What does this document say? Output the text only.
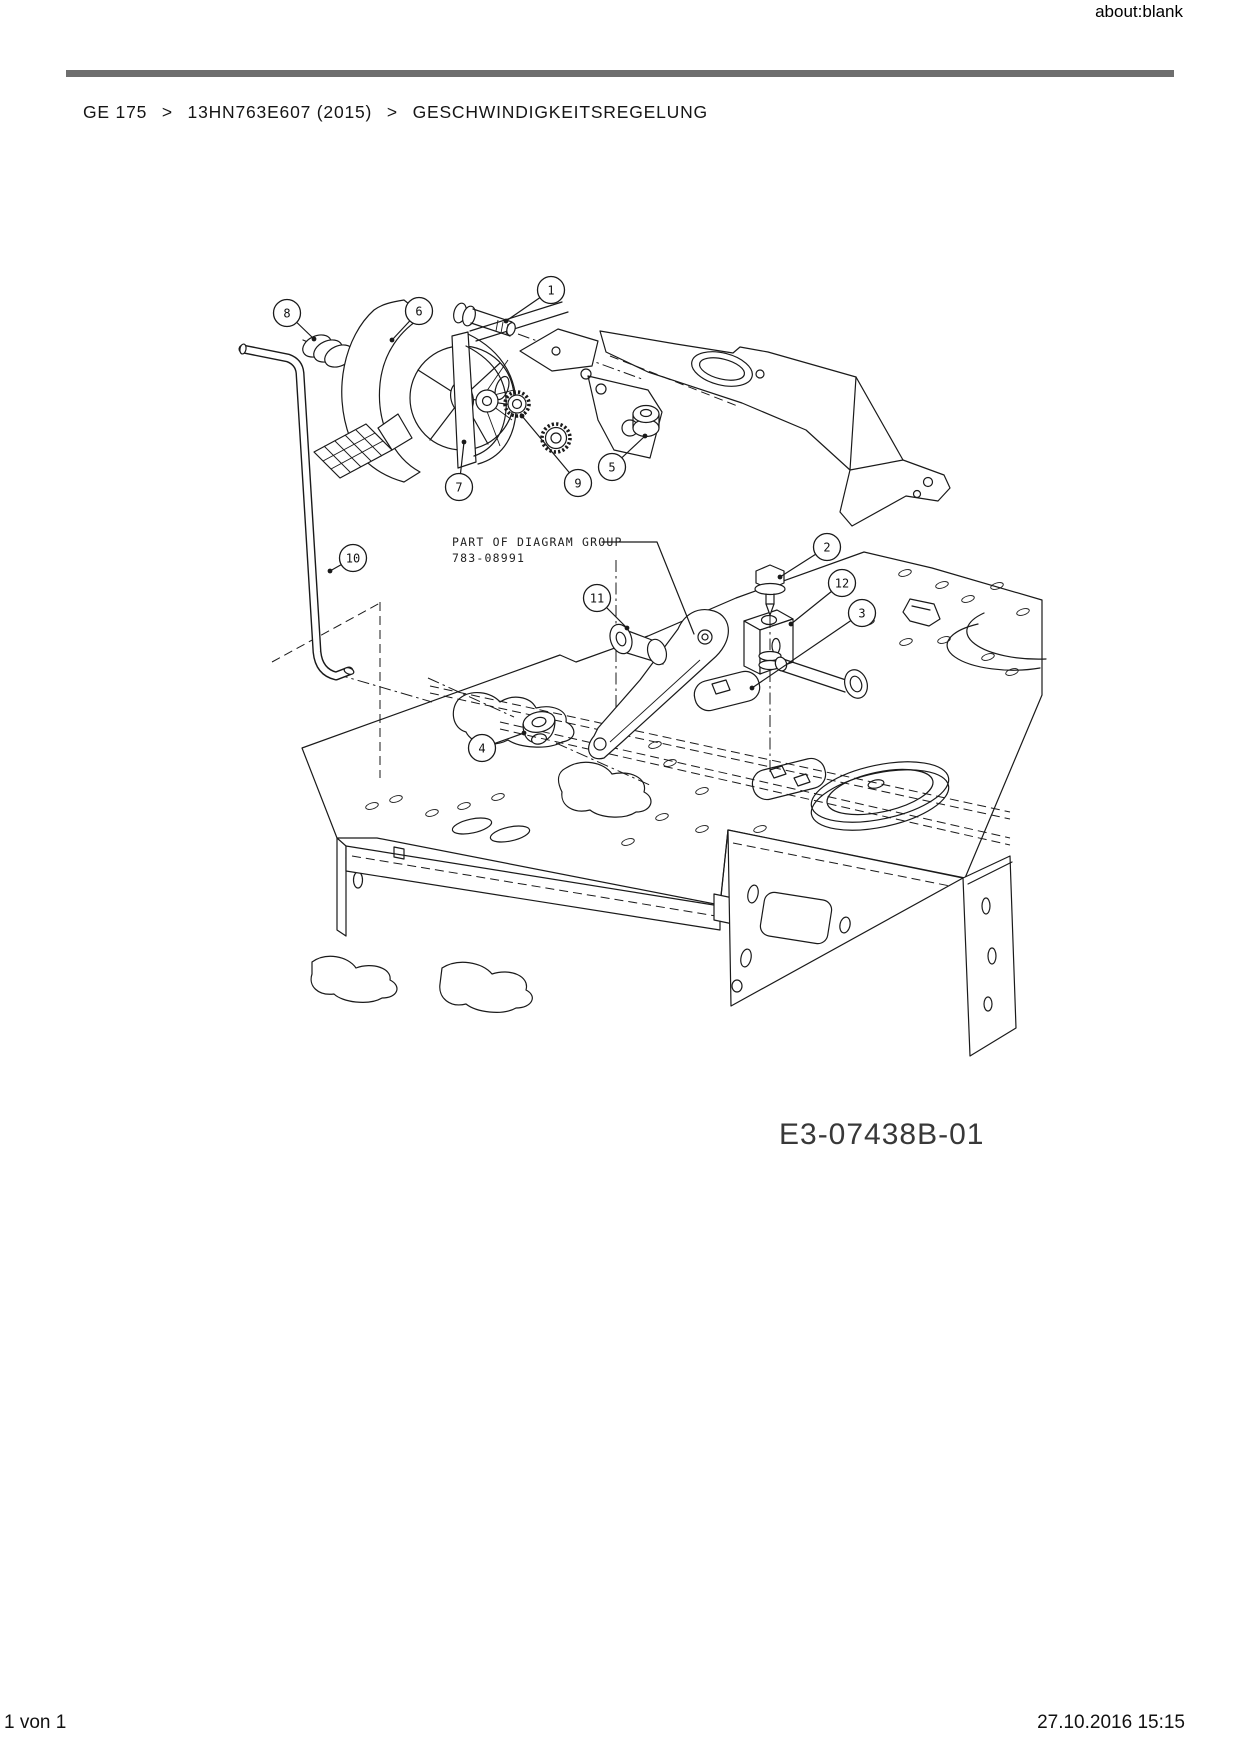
about:blank
GE 175 > 13HN763E607 (2015) > GESCHWINDIGKEITSREGELUNG
PART OF DIAGRAM GROUP
783-08991
1
2
3
4
5
6
7
8
9
10
11
12
E3-07438B-01
1 von 1	27.10.2016 15:15
